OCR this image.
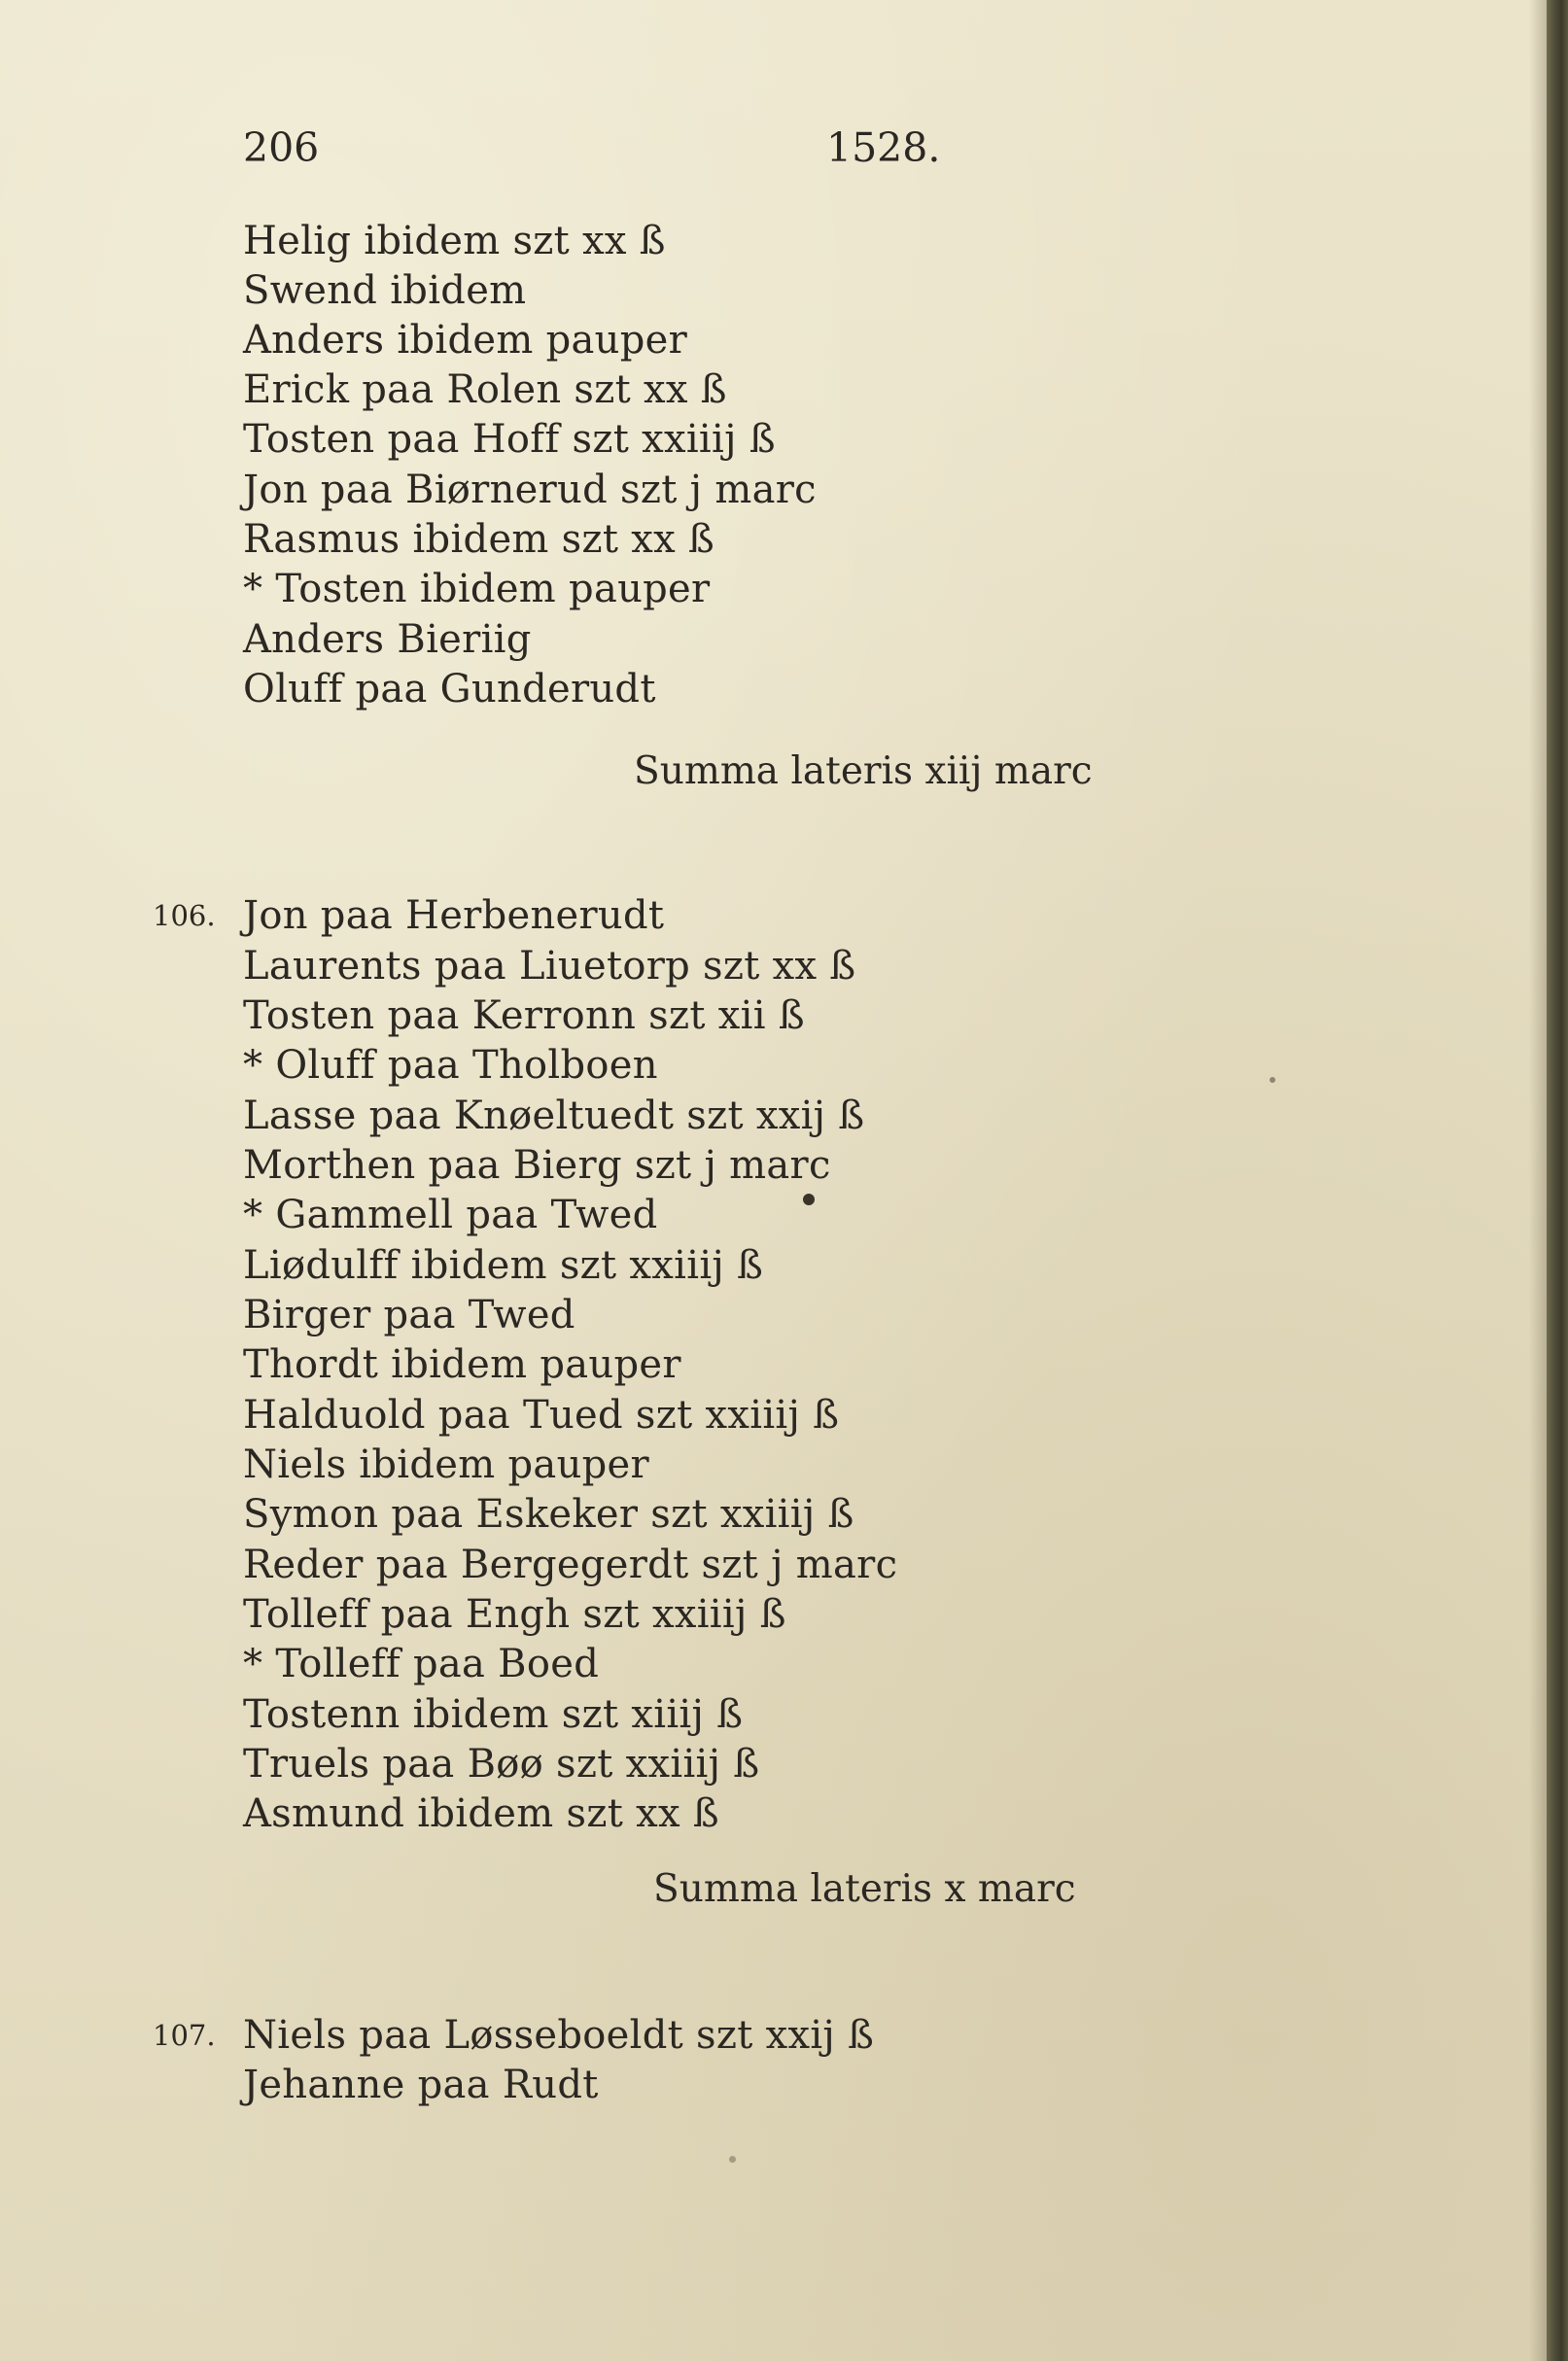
206	1528.
Helig ibidem szt xx ß
Swend ibidem
Anders ibidem pauper
Erick paa Rolen szt xx ß
Tosten paa Hoff szt xxiiij ß
Jon paa Biørnerud szt j marc
Rasmus ibidem szt xx ß
* Tosten ibidem pauper
Anders Bieriig
Oluff paa Gunderudt
Summa lateris xiij marc
106. Jon paa Herbenerudt
Laurents paa Liuetorp szt xx ß
Tosten paa Kerronn szt xii ß
* Oluff paa Tholboen
Lasse paa Knøeltuedt szt xxij ß
Morthen paa Bierg szt j marc
* Gammell paa Twed
Liødulff ibidem szt xxiiij ß
Birger paa Twed
Thordt ibidem pauper
Halduold paa Tued szt xxiiij ß
Niels ibidem pauper
Symon paa Eskeker szt xxiiij ß
Reder paa Bergegerdt szt j marc
Tolleff paa Engh szt xxiiij ß
* Tolleff paa Boed
Tostenn ibidem szt xiiij ß
Truels paa Bøø szt xxiiij ß
Asmund ibidem szt xx ß
Summa lateris x marc
107. Niels paa Løsseboeldt szt xxij ß
Jehanne paa Rudt
